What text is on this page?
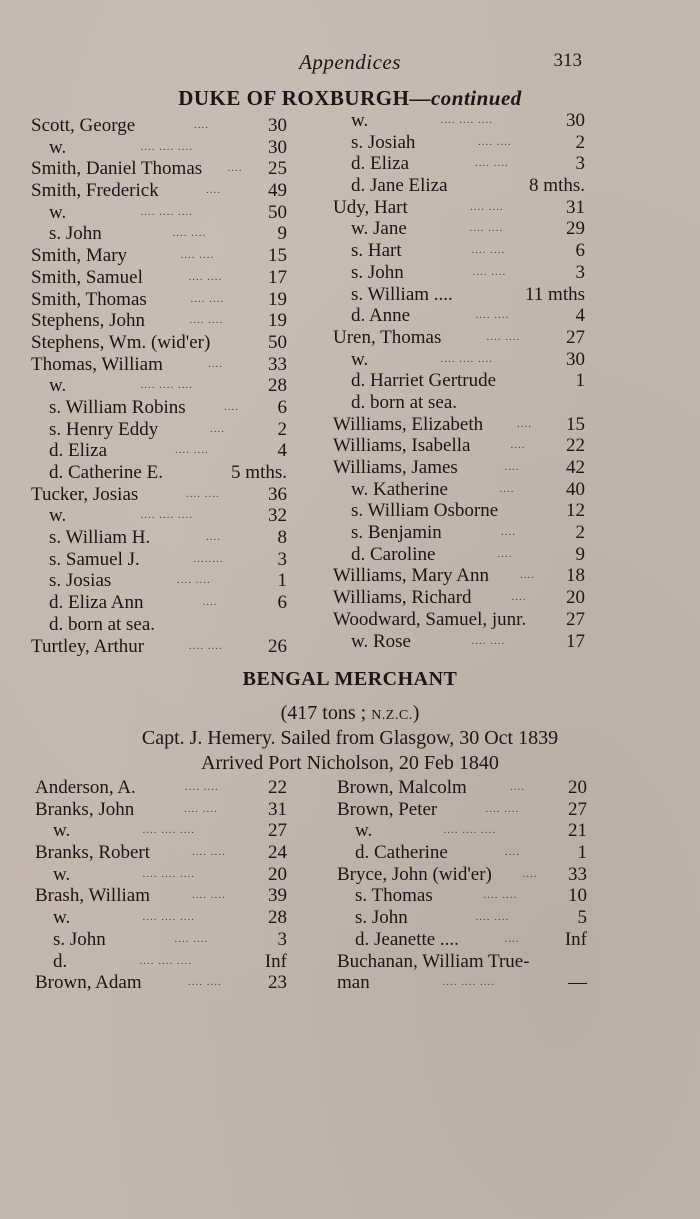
Appendices	313
DUKE OF ROXBURGH—continued
Scott, George	....	30
w.	.... .... ....	30
Smith, Daniel Thomas .... 25
Smith, Frederick	.... 49
w.	.... .... ....	50
s. John	.... ....	9
Smith, Mary	.... ....	15
Smith, Samuel	.... .... 17
Smith, Thomas	.... .... 19
Stephens, John	.... .... 19
Stephens, Wm. (wid'er)	50
Thomas, William	.... 33
w.	.... .... ....	28
s. William Robins	.... 6
s. Henry Eddy	....	2
d. Eliza	.... ....	4
d. Catherine E.	5 mths.
Tucker, Josias	.... ....	36
w.	.... .... ....	32
s. William H.	....	8
s. Samuel J.	........	3
s. Josias	.... ....	1
d. Eliza Ann	....	6
d. born at sea.
Turtley, Arthur	.... .... 26
w.	.... .... ....	30
s. Josiah	.... ....	2
d. Eliza	.... ....	3
d. Jane Eliza	8 mths.
Udy, Hart	.... ....	31
w. Jane	.... ....	29
s. Hart	.... ....	6
s. John	.... ....	3
s. William ....	11 mths
d. Anne	.... ....	4
Uren, Thomas	.... .... 27
w.	.... .... ....	30
d. Harriet Gertrude	1
d. born at sea.
Williams, Elizabeth	.... 15
Williams, Isabella	.... 22
Williams, James	.... 42
w. Katherine	....	40
s. William Osborne	12
s. Benjamin	....	2
d. Caroline	....	9
Williams, Mary Ann	.... 18
Williams, Richard	.... 20
Woodward, Samuel, junr. 27
w. Rose	.... ....	17
BENGAL MERCHANT
(417 tons ; N.Z.C.)
Capt. J. Hemery. Sailed from Glasgow, 30 Oct 1839
Arrived Port Nicholson, 20 Feb 1840
Anderson, A.	.... ....	22
Branks, John	.... ....	31
w.	.... .... ....	27
Branks, Robert	.... .... 24
w.	.... .... ....	20
Brash, William	.... .... 39
w.	.... .... ....	28
s. John	.... ....	3
d.	.... .... ....	Inf
Brown, Adam	.... .... 23
Brown, Malcolm	.... 20
Brown, Peter	.... ....	27
w.	.... .... ....	21
d. Catherine	....	1
Bryce, John (wid'er)	.... 33
s. Thomas	.... ....	10
s. John	.... ....	5
d. Jeanette ....	.... Inf
Buchanan, William True-
man	.... .... ....	—
